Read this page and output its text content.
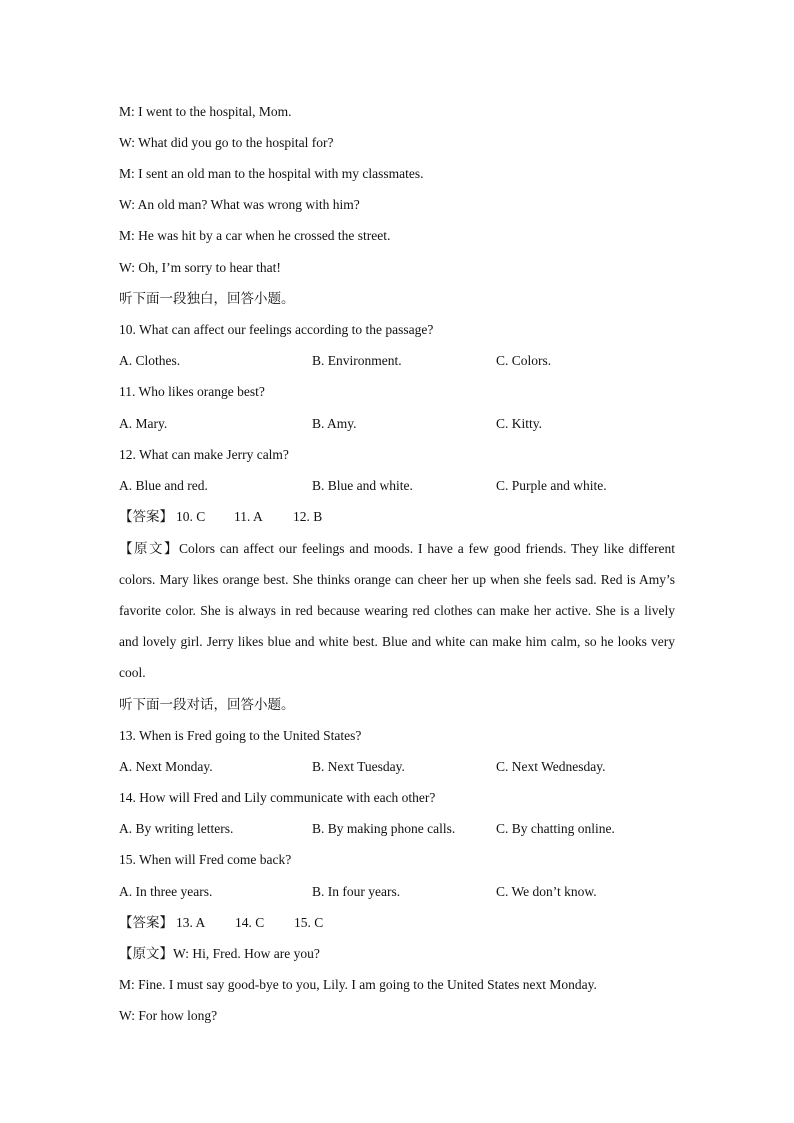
M: I went to the hospital, Mom.
W: What did you go to the hospital for?
M: I sent an old man to the hospital with my classmates.
W: An old man? What was wrong with him?
M: He was hit by a car when he crossed the street.
W: Oh, I’m sorry to hear that!
听下面一段独白，回答小题。
10. What can affect our feelings according to the passage?
A. Clothes.	B. Environment.	C. Colors.
11. Who likes orange best?
A. Mary.	B. Amy.	C. Kitty.
12. What can make Jerry calm?
A. Blue and red.	B. Blue and white.	C. Purple and white.
【答案】 10. C 11. A 12. B
【原文】Colors can affect our feelings and moods. I have a few good friends. They like different
colors. Mary likes orange best. She thinks orange can cheer her up when she feels sad. Red is Amy’s
favorite color. She is always in red because wearing red clothes can make her active. She is a lively
and lovely girl. Jerry likes blue and white best. Blue and white can make him calm, so he looks very
cool.
听下面一段对话，回答小题。
13. When is Fred going to the United States?
A. Next Monday.	B. Next Tuesday.	C. Next Wednesday.
14. How will Fred and Lily communicate with each other?
A. By writing letters.	B. By making phone calls.	C. By chatting online.
15. When will Fred come back?
A. In three years.	B. In four years.	C. We don’t know.
【答案】 13. A 14. C 15. C
【原文】W: Hi, Fred. How are you?
M: Fine. I must say good-bye to you, Lily. I am going to the United States next Monday.
W: For how long?
